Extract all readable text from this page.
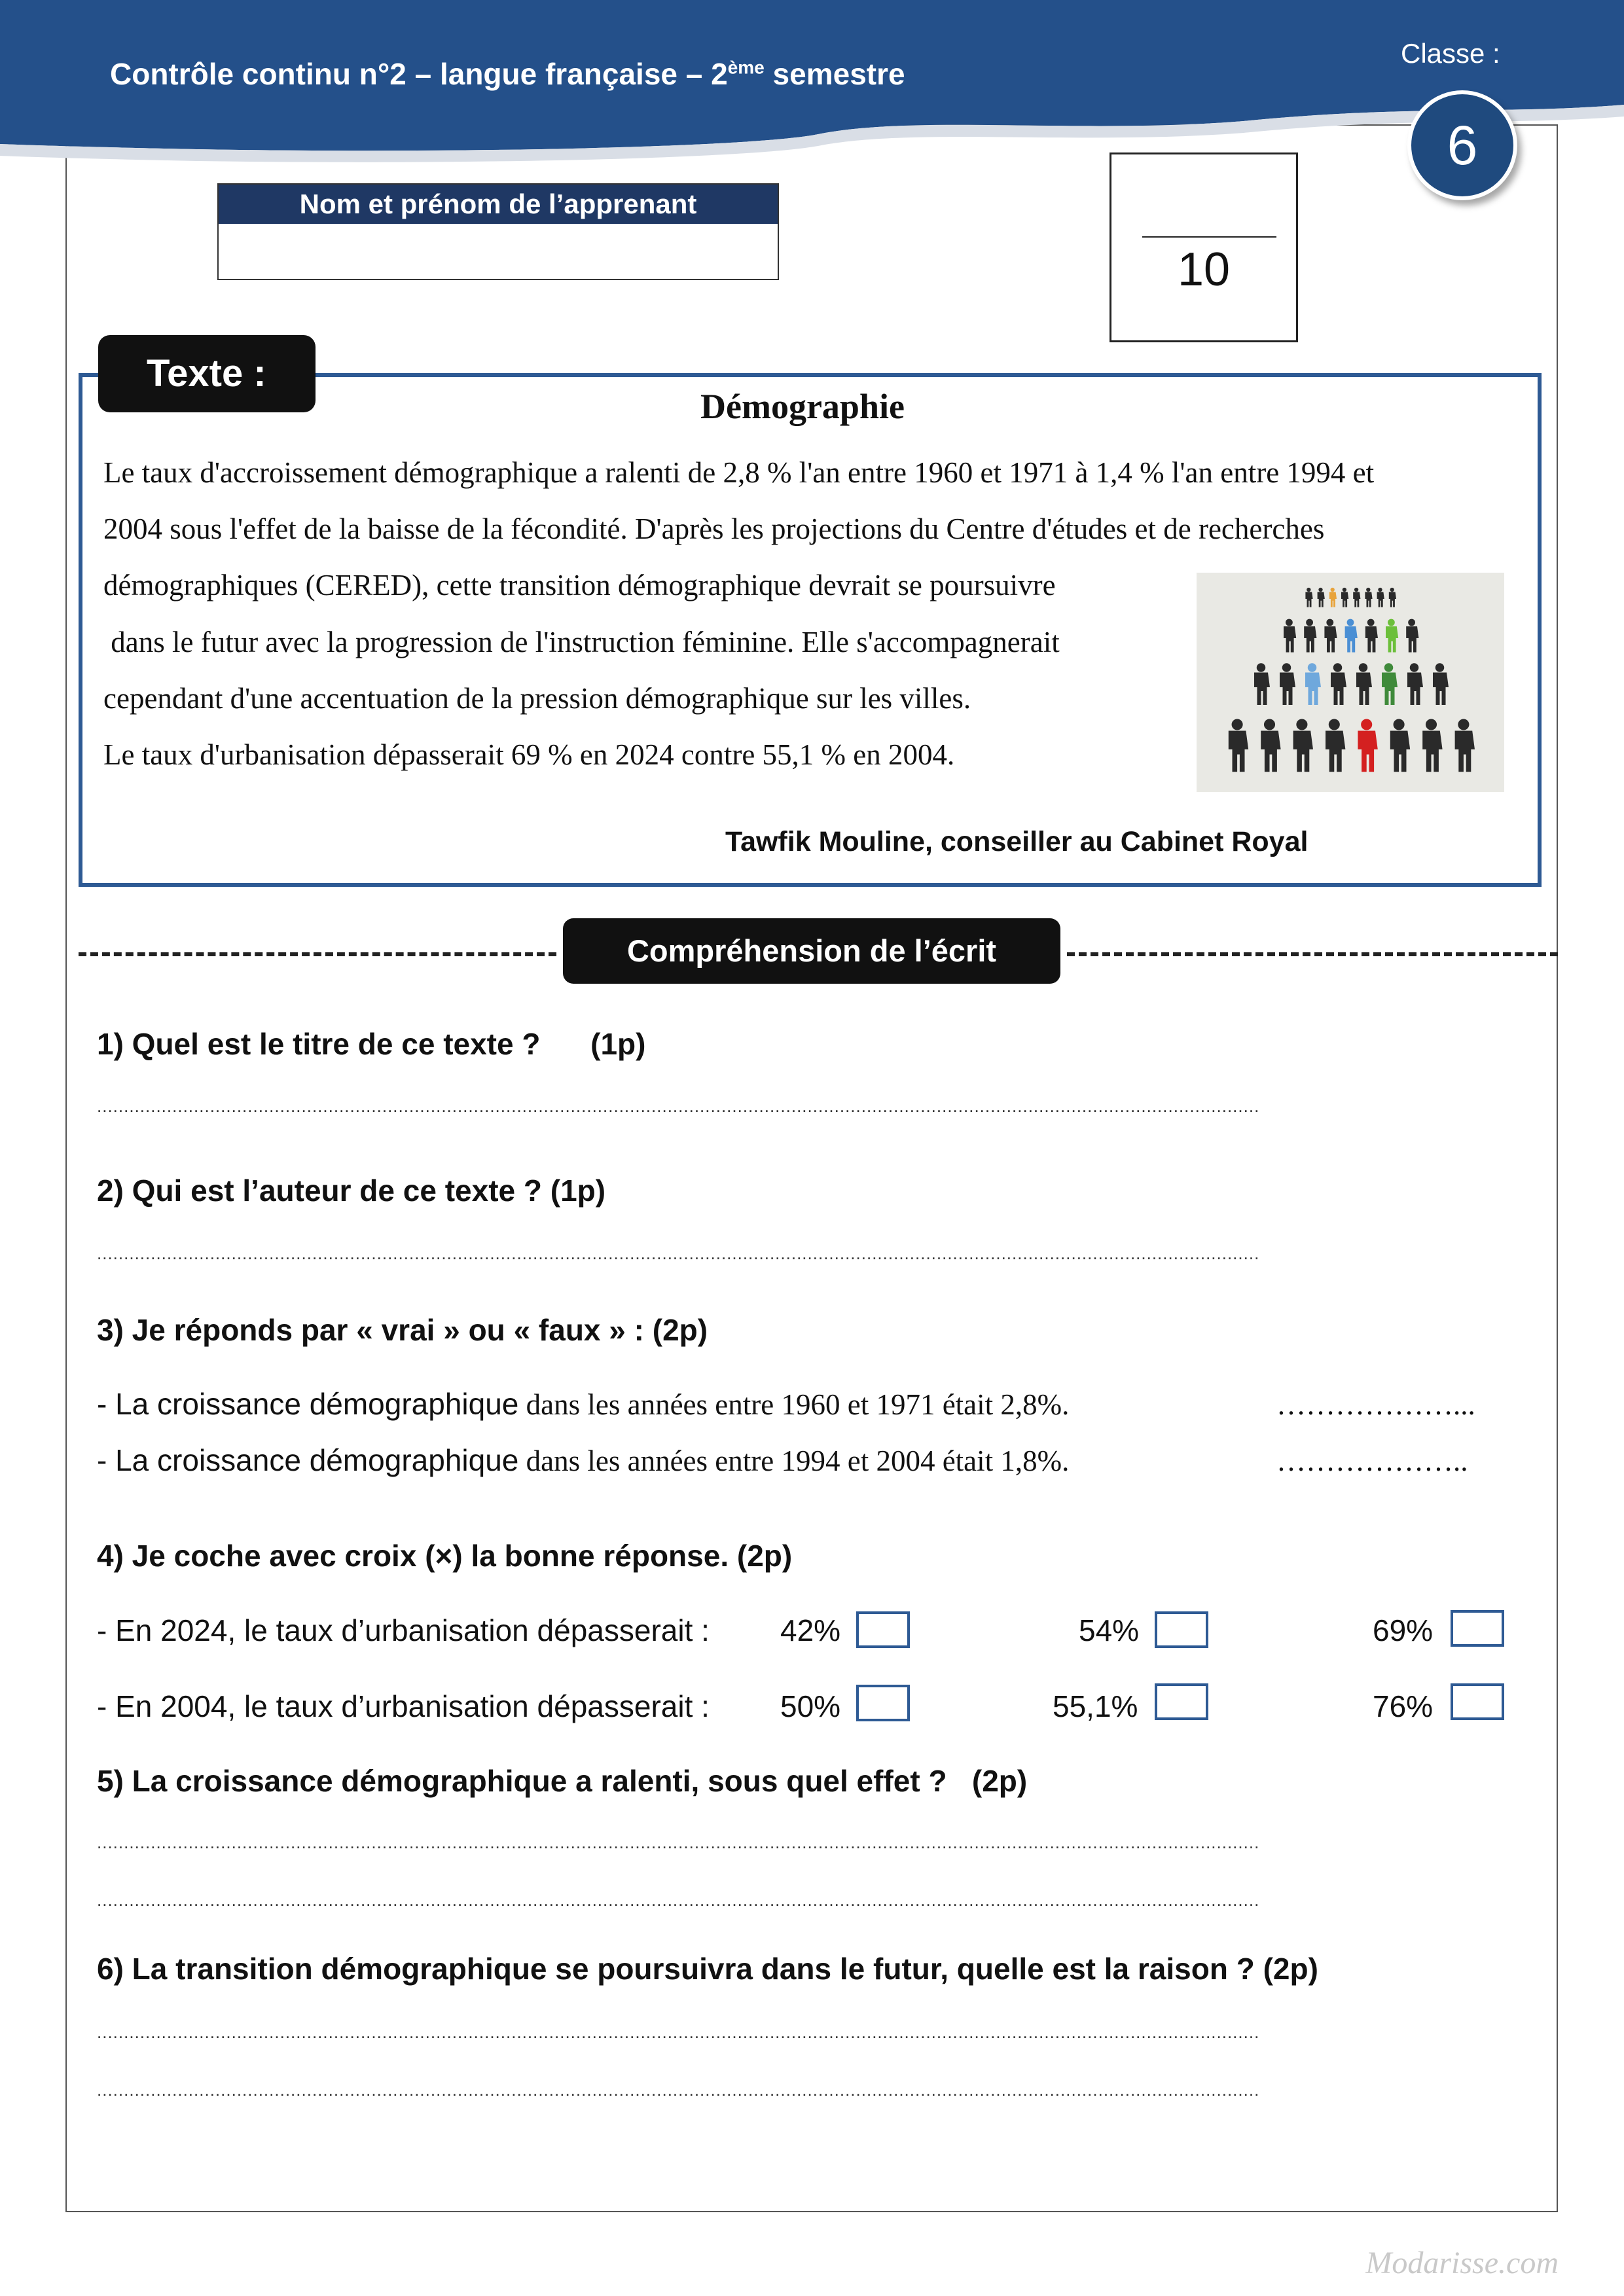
Contrôle continu n°2 – langue française – 2ème semestre
Classe :
6
Nom et prénom de l’apprenant
10
Texte :
Démographie
Le taux d'accroissement démographique a ralenti de 2,8 % l'an entre 1960 et 1971 à 1,4 % l'an entre 1994 et
2004 sous l'effet de la baisse de la fécondité. D'après les projections du Centre d'études et de recherches
démographiques (CERED), cette transition démographique devrait se poursuivre
dans le futur avec la progression de l'instruction féminine. Elle s'accompagnerait
cependant d'une accentuation de la pression démographique sur les villes.
Le taux d'urbanisation dépasserait 69 % en 2024 contre 55,1 % en 2004.
Tawfik Mouline, conseiller au Cabinet Royal
Compréhension de l’écrit
1) Quel est le titre de ce texte ?      (1p)
........................................................................................................................................................................................................................
2) Qui est l’auteur de ce texte ? (1p)
........................................................................................................................................................................................................................
3) Je réponds par « vrai » ou « faux » : (2p)
- La croissance démographique dans les années entre 1960 et 1971 était 2,8%.	………………...
- La croissance démographique dans les années entre 1994 et 2004 était 1,8%.	………………..
4) Je coche avec croix (×) la bonne réponse. (2p)
- En 2024, le taux d’urbanisation dépasserait : 42%	54%	69%
- En 2004, le taux d’urbanisation dépasserait : 50%	55,1%	76%
5) La croissance démographique a ralenti, sous quel effet ?   (2p)
........................................................................................................................................................................................................................
........................................................................................................................................................................................................................
6) La transition démographique se poursuivra dans le futur, quelle est la raison ? (2p)
........................................................................................................................................................................................................................
........................................................................................................................................................................................................................
Modarisse.com
